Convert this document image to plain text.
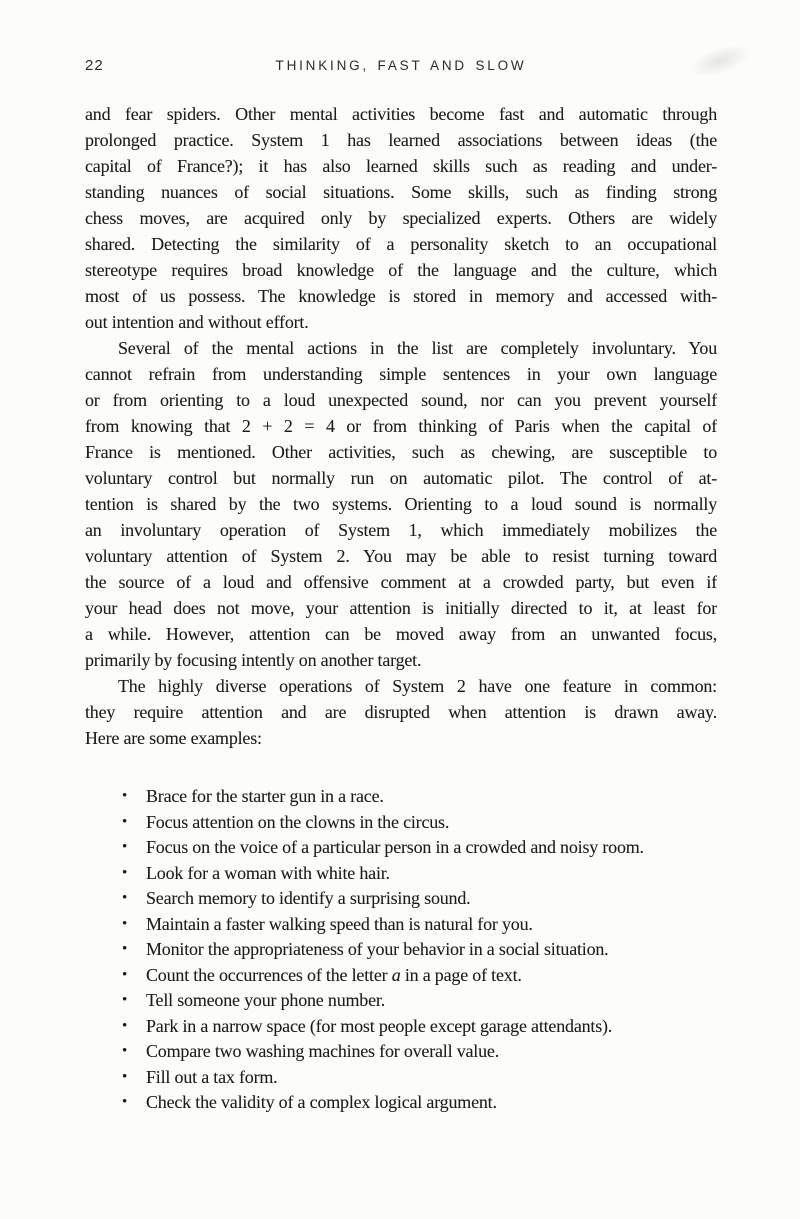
22	THINKING, FAST AND SLOW
and fear spiders. Other mental activities become fast and automatic through
prolonged practice. System 1 has learned associations between ideas (the
capital of France?); it has also learned skills such as reading and under-
standing nuances of social situations. Some skills, such as finding strong
chess moves, are acquired only by specialized experts. Others are widely
shared. Detecting the similarity of a personality sketch to an occupational
stereotype requires broad knowledge of the language and the culture, which
most of us possess. The knowledge is stored in memory and accessed with-
out intention and without effort.
Several of the mental actions in the list are completely involuntary. You
cannot refrain from understanding simple sentences in your own language
or from orienting to a loud unexpected sound, nor can you prevent yourself
from knowing that 2 + 2 = 4 or from thinking of Paris when the capital of
France is mentioned. Other activities, such as chewing, are susceptible to
voluntary control but normally run on automatic pilot. The control of at-
tention is shared by the two systems. Orienting to a loud sound is normally
an involuntary operation of System 1, which immediately mobilizes the
voluntary attention of System 2. You may be able to resist turning toward
the source of a loud and offensive comment at a crowded party, but even if
your head does not move, your attention is initially directed to it, at least for
a while. However, attention can be moved away from an unwanted focus,
primarily by focusing intently on another target.
The highly diverse operations of System 2 have one feature in common:
they require attention and are disrupted when attention is drawn away.
Here are some examples:
•	Brace for the starter gun in a race.
•	Focus attention on the clowns in the circus.
•	Focus on the voice of a particular person in a crowded and noisy room.
•	Look for a woman with white hair.
•	Search memory to identify a surprising sound.
•	Maintain a faster walking speed than is natural for you.
•	Monitor the appropriateness of your behavior in a social situation.
•	Count the occurrences of the letter a in a page of text.
•	Tell someone your phone number.
•	Park in a narrow space (for most people except garage attendants).
•	Compare two washing machines for overall value.
•	Fill out a tax form.
•	Check the validity of a complex logical argument.
